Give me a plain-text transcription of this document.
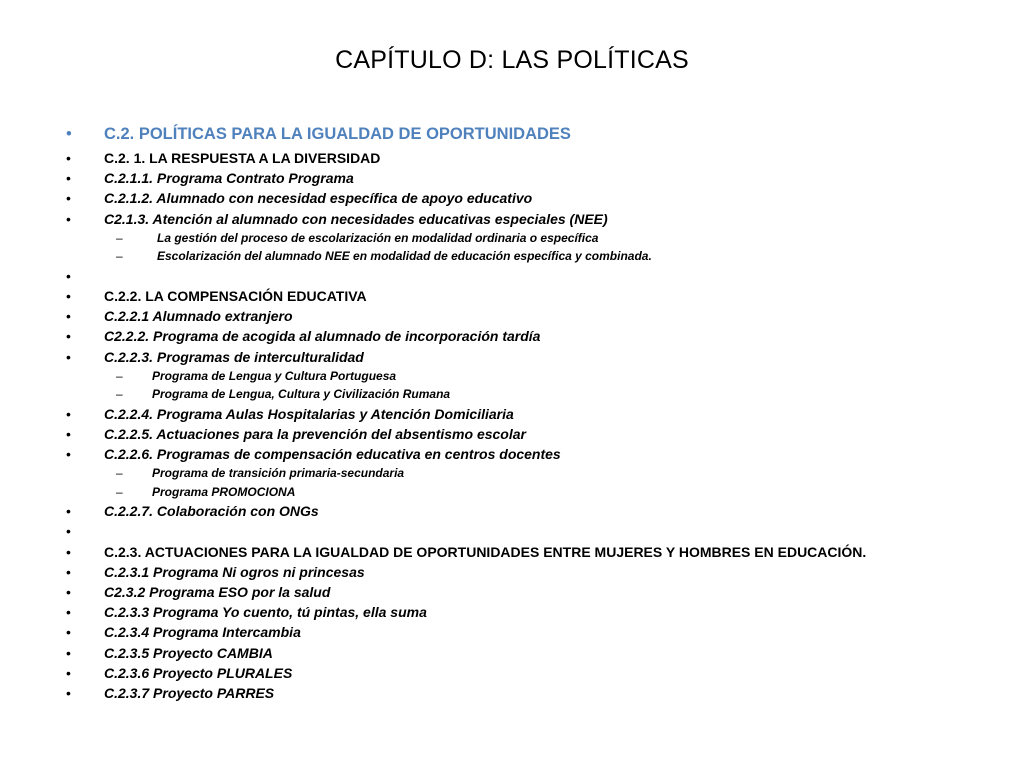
CAPÍTULO D: LAS POLÍTICAS
•	C.2. POLÍTICAS PARA LA IGUALDAD DE OPORTUNIDADES
•	C.2. 1. LA RESPUESTA A LA DIVERSIDAD
•	C.2.1.1. Programa Contrato Programa
•	C.2.1.2. Alumnado con necesidad específica de apoyo educativo
•	C2.1.3. Atención al alumnado con necesidades educativas especiales (NEE)
–	La gestión del proceso de escolarización en modalidad ordinaria o específica
–	Escolarización del alumnado NEE en modalidad de educación específica y combinada.
•
•	C.2.2. LA COMPENSACIÓN EDUCATIVA
•	C.2.2.1 Alumnado extranjero
•	C2.2.2. Programa de acogida al alumnado de incorporación tardía
•	C.2.2.3. Programas de interculturalidad
– Programa de Lengua y Cultura Portuguesa
– Programa de Lengua, Cultura y Civilización Rumana
•	C.2.2.4. Programa Aulas Hospitalarias y Atención Domiciliaria
•	C.2.2.5. Actuaciones para la prevención del absentismo escolar
•	C.2.2.6. Programas de compensación educativa en centros docentes
– Programa de transición primaria-secundaria
– Programa PROMOCIONA
•	C.2.2.7. Colaboración con ONGs
•
•	C.2.3. ACTUACIONES PARA LA IGUALDAD DE OPORTUNIDADES ENTRE MUJERES Y HOMBRES EN EDUCACIÓN.
•	C.2.3.1 Programa Ni ogros ni princesas
•	C2.3.2 Programa ESO por la salud
•	C.2.3.3 Programa Yo cuento, tú pintas, ella suma
•	C.2.3.4 Programa Intercambia
•	C.2.3.5 Proyecto CAMBIA
•	C.2.3.6 Proyecto PLURALES
•	C.2.3.7 Proyecto PARRES
